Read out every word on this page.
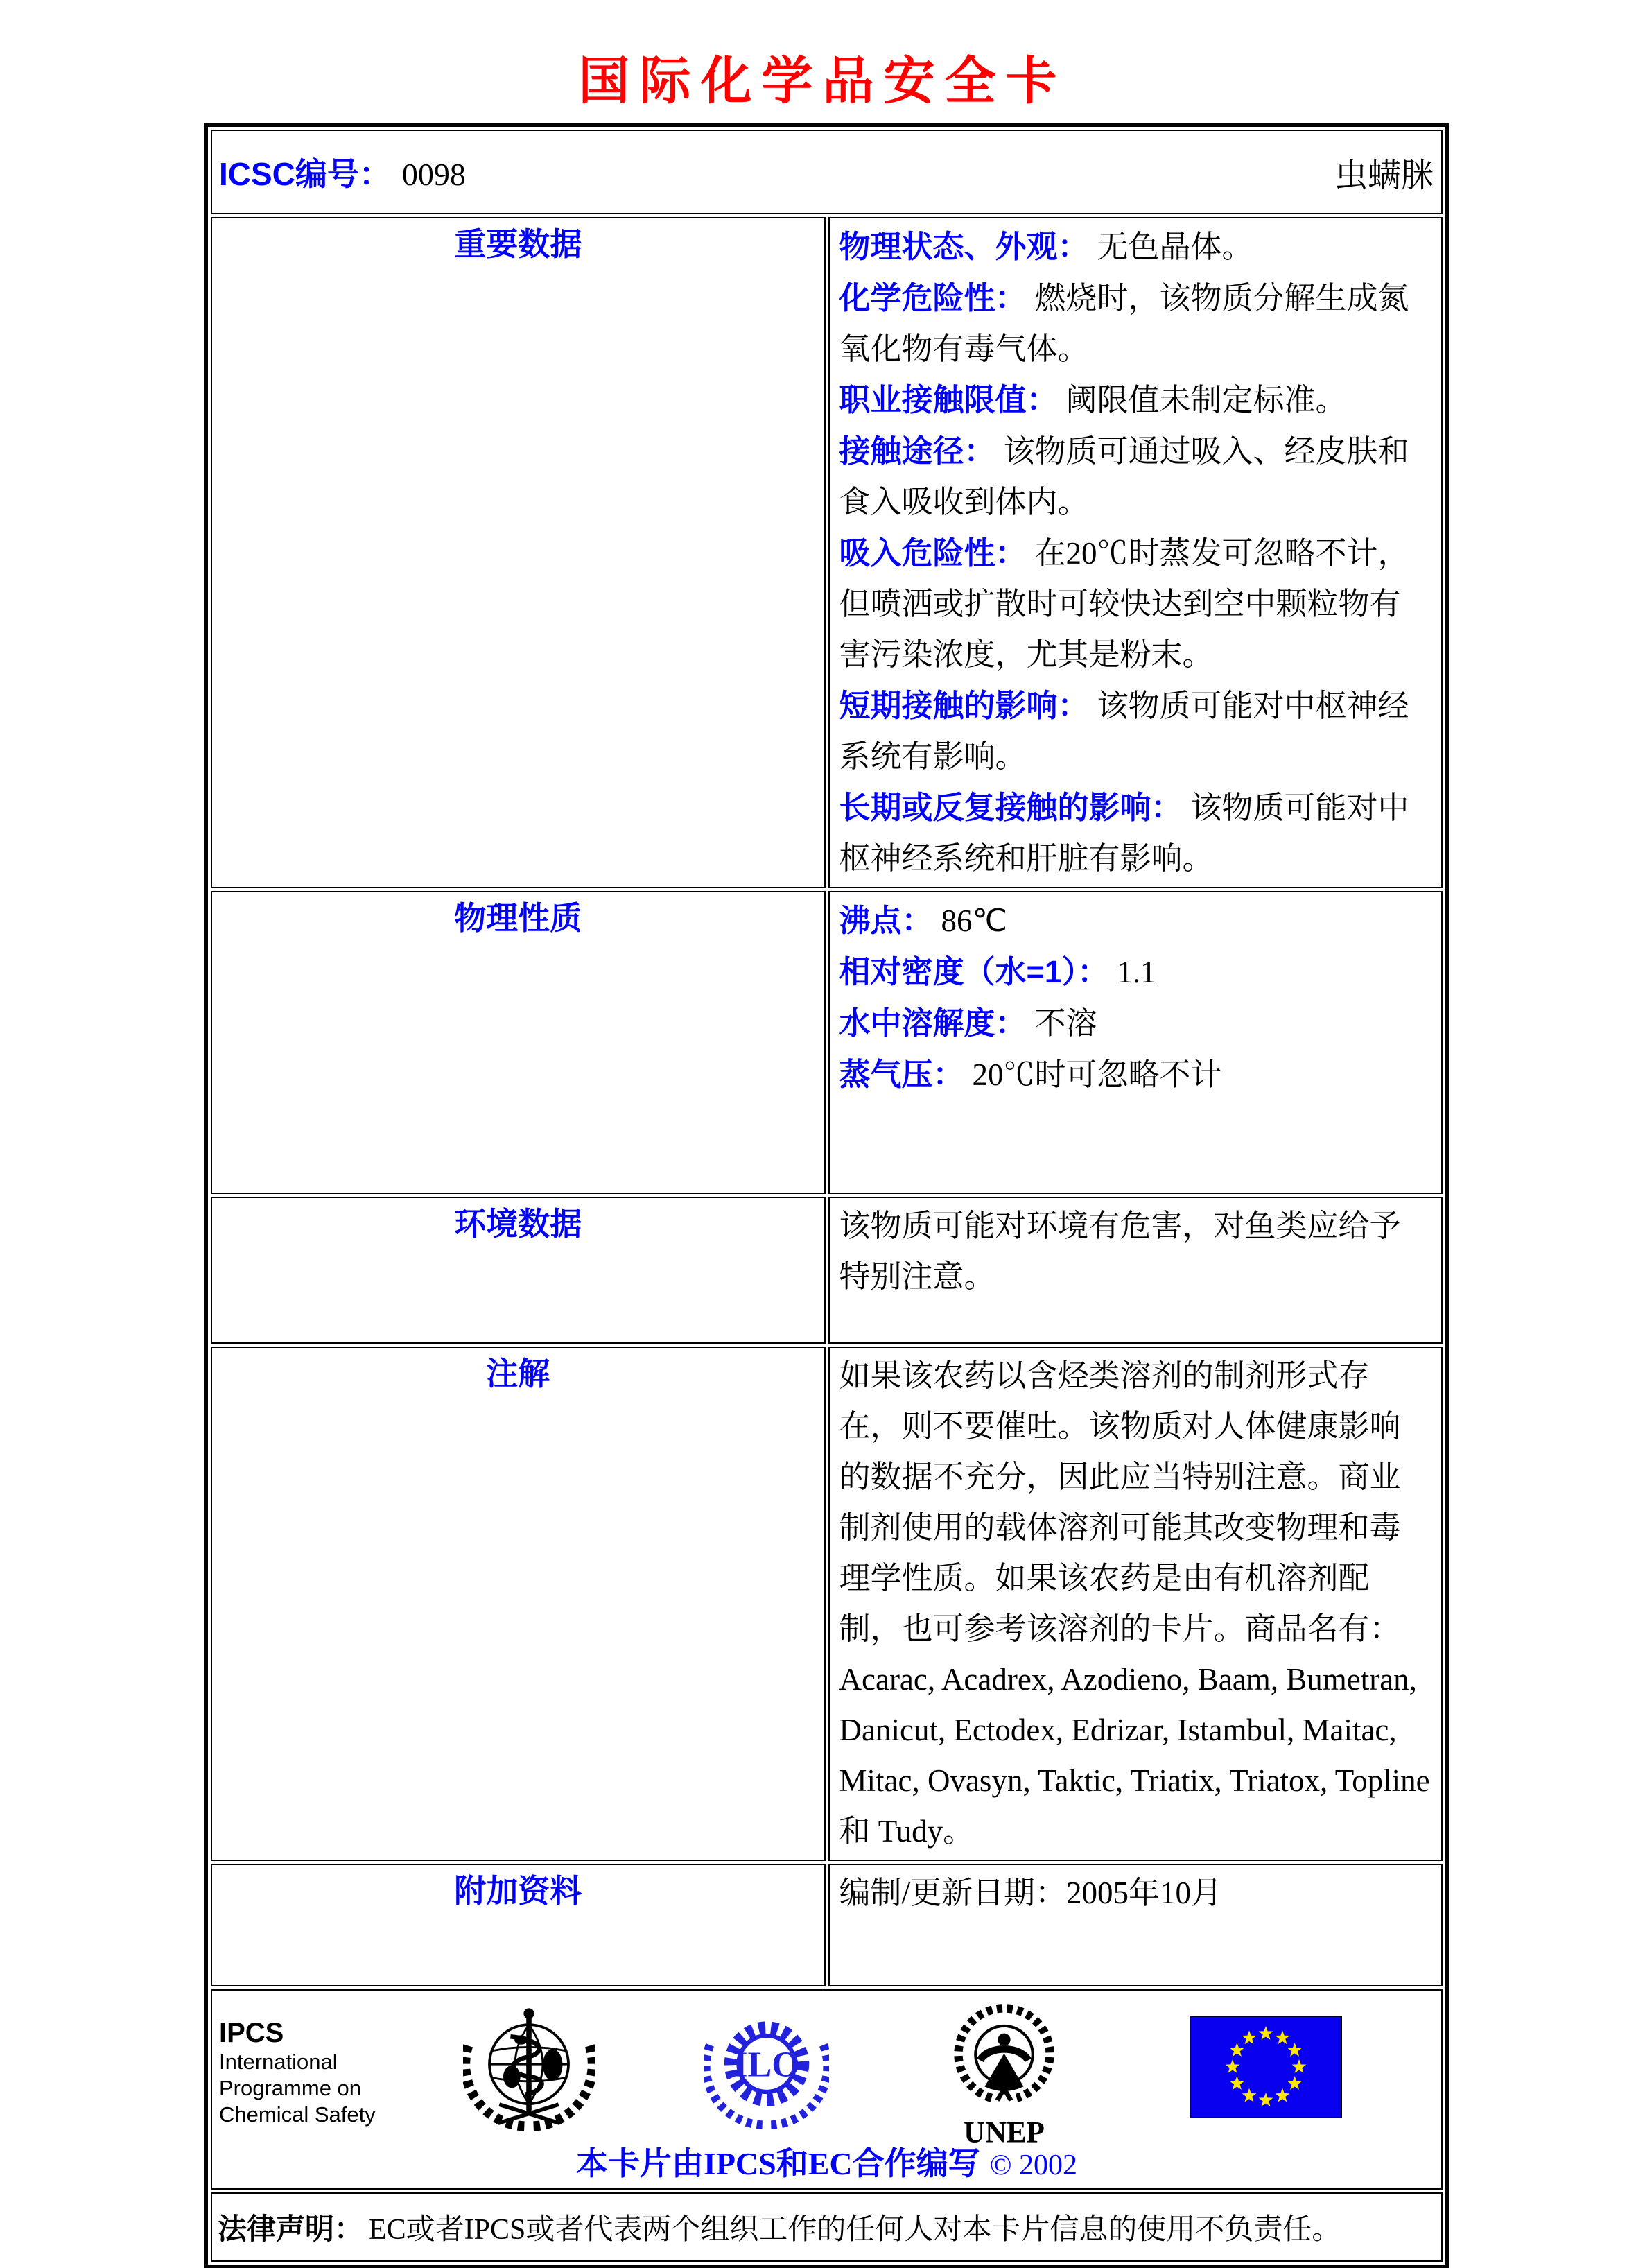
国际化学品安全卡
ICSC编号： 0098 虫螨脒	

重要数据	物理状态、外观： 无色晶体。
化学危险性： 燃烧时，该物质分解生成氮氧化物有毒气体。
职业接触限值： 阈限值未制定标准。
接触途径： 该物质可通过吸入、经皮肤和食入吸收到体内。
吸入危险性： 在20℃时蒸发可忽略不计，但喷洒或扩散时可较快达到空中颗粒物有害污染浓度，尤其是粉末。
短期接触的影响： 该物质可能对中枢神经系统有影响。
长期或反复接触的影响： 该物质可能对中枢神经系统和肝脏有影响。

物理性质	沸点： 86℃
相对密度（水=1）： 1.1
水中溶解度： 不溶
蒸气压： 20℃时可忽略不计

环境数据	该物质可能对环境有危害，对鱼类应给予特别注意。

注解	如果该农药以含烃类溶剂的制剂形式存在，则不要催吐。该物质对人体健康影响的数据不充分，因此应当特别注意。商业制剂使用的载体溶剂可能其改变物理和毒理学性质。如果该农药是由有机溶剂配制，也可参考该溶剂的卡片。商品名有：Acarac, Acadrex, Azodieno, Baam, Bumetran, Danicut, Ectodex, Edrizar, Istambul, Maitac, Mitac, Ovasyn, Taktic, Triatix, Triatox, Topline 和 Tudy。

附加资料	编制/更新日期：2005年10月

IPCS
International
Programme on
Chemical Safety
ILO
UNEP
本卡片由IPCS和EC合作编写 © 2002

法律声明： EC或者IPCS或者代表两个组织工作的任何人对本卡片信息的使用不负责任。	
